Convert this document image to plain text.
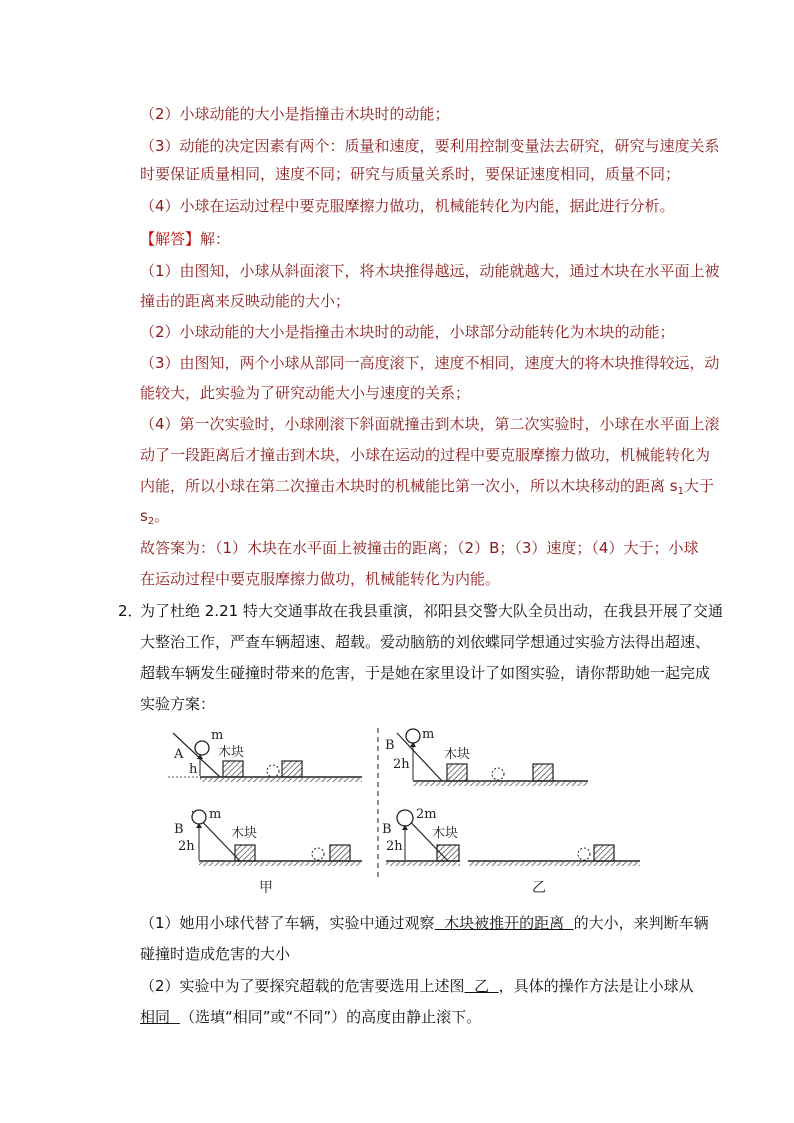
（2）小球动能的大小是指撞击木块时的动能；
（3）动能的决定因素有两个：质量和速度，要利用控制变量法去研究，研究与速度关系
时要保证质量相同，速度不同；研究与质量关系时，要保证速度相同，质量不同；
（4）小球在运动过程中要克服摩擦力做功，机械能转化为内能，据此进行分析。
【解答】解：
（1）由图知，小球从斜面滚下，将木块推得越远，动能就越大，通过木块在水平面上被
撞击的距离来反映动能的大小；
（2）小球动能的大小是指撞击木块时的动能，小球部分动能转化为木块的动能；
（3）由图知，两个小球从部同一高度滚下，速度不相同，速度大的将木块推得较远，动
能较大，此实验为了研究动能大小与速度的关系；
（4）第一次实验时，小球刚滚下斜面就撞击到木块，第二次实验时，小球在水平面上滚
动了一段距离后才撞击到木块，小球在运动的过程中要克服摩擦力做功，机械能转化为
内能，所以小球在第二次撞击木块时的机械能比第一次小，所以木块移动的距离 $s_1$大于
$s_2$。
故答案为：（1）木块在水平面上被撞击的距离；（2）B；（3）速度；（4）大于；小球
在运动过程中要克服摩擦力做功，机械能转化为内能。
2．
为了杜绝 2.21 特大交通事故在我县重演，祁阳县交警大队全员出动，在我县开展了交通
大整治工作，严查车辆超速、超载。爱动脑筋的刘依蝶同学想通过实验方法得出超速、
超载车辆发生碰撞时带来的危害，于是她在家里设计了如图实验，请你帮助她一起完成
实验方案：
A
m
h
木块	B
m
2h
木块
B
m
2h
木块	B
2m
2h
木块
甲	乙
（1）她用小球代替了车辆，实验中通过观察  木块被推开的距离  的大小，来判断车辆
碰撞时造成危害的大小
（2）实验中为了要探究超载的危害要选用上述图  乙  ，具体的操作方法是让小球从
相同 （选填“相同”或“不同”）的高度由静止滚下。
